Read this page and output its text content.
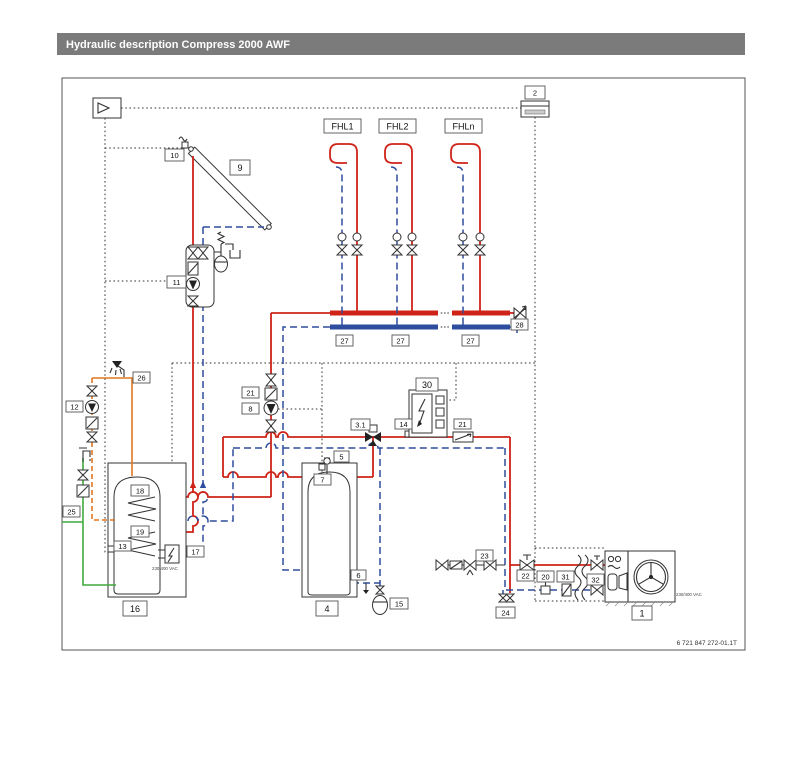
Hydraulic description Compress 2000 AWF
6 721 847 272-01.1T
230/400 VAC
230/400 VAC
2
9
10
11
FHL1	FHL2	FHLn
27	27	27
28
21
8
12
25
26
13
18
19
17
16
3.1
5
7
6
4	15
14
30
21
23
22
24
20 31	32
1
